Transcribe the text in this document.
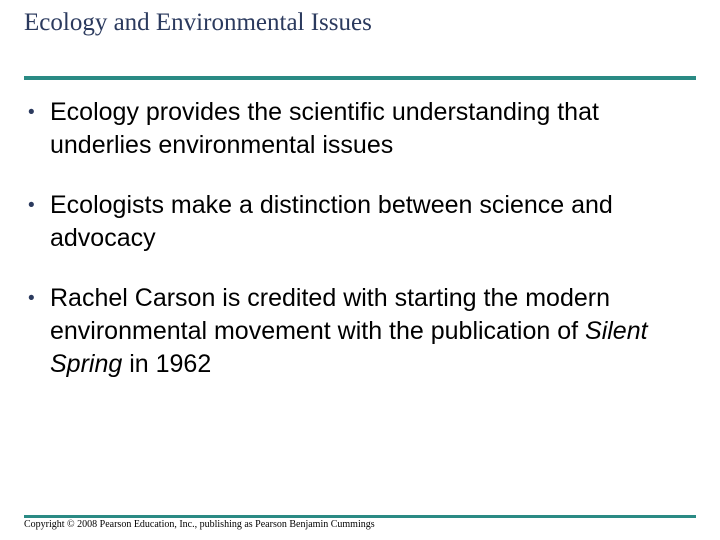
Ecology and Environmental Issues
• Ecology provides the scientific understanding that underlies environmental issues
• Ecologists make a distinction between science and advocacy
• Rachel Carson is credited with starting the modern environmental movement with the publication of Silent Spring in 1962
Copyright © 2008 Pearson Education, Inc., publishing as Pearson Benjamin Cummings
